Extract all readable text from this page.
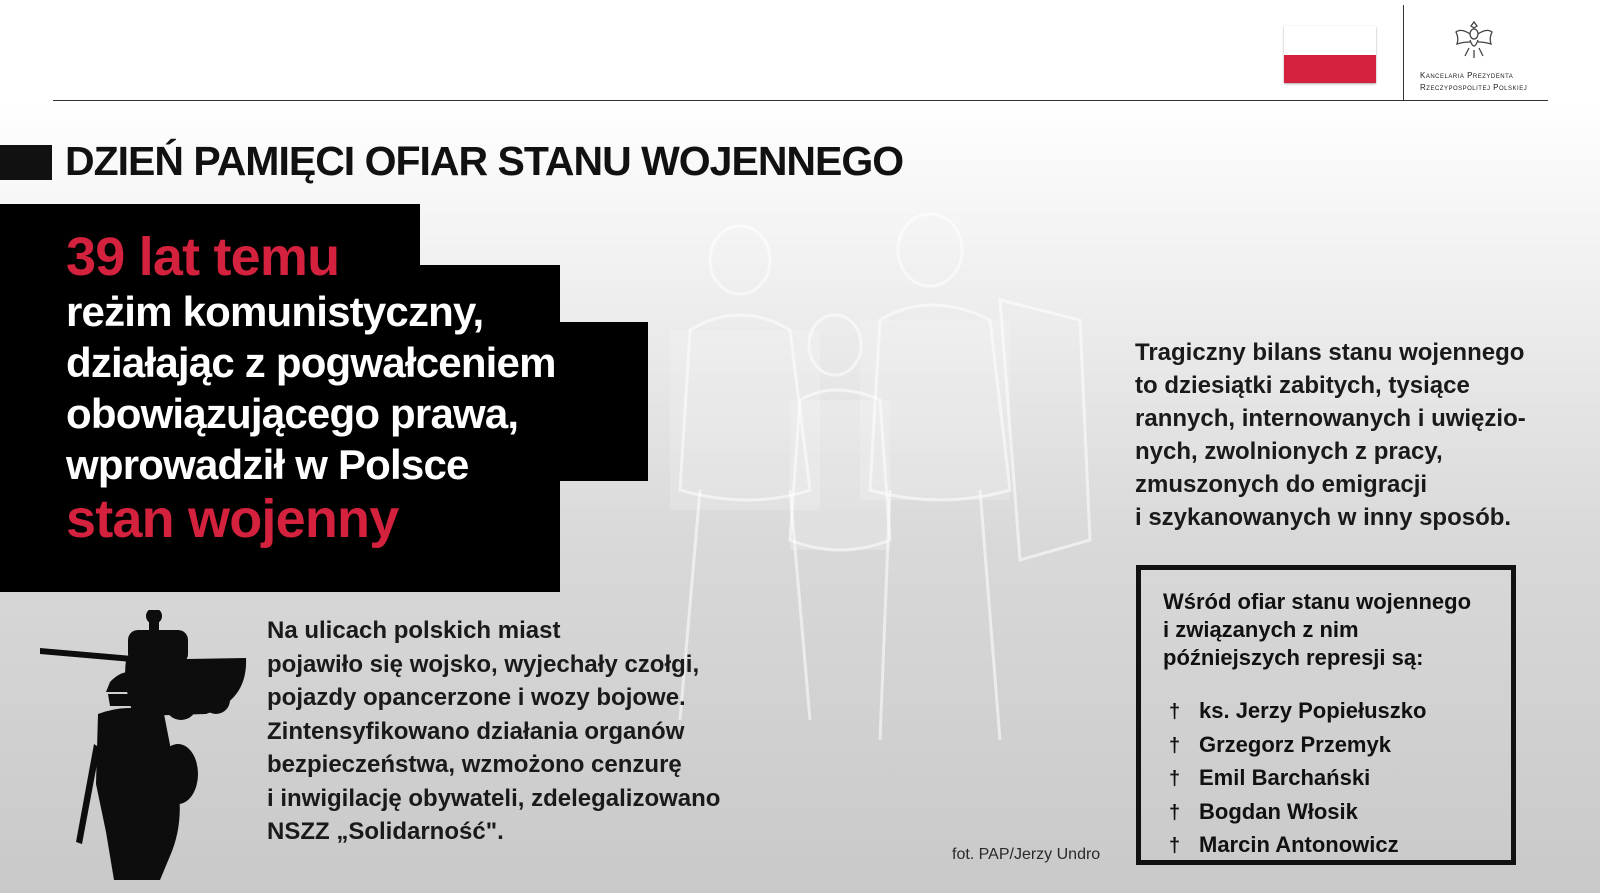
Kancelaria Prezydenta
Rzeczypospolitej Polskiej
DZIEŃ PAMIĘCI OFIAR STANU WOJENNEGO
39 lat temu
reżim komunistyczny,
działając z pogwałceniem
obowiązującego prawa,
wprowadził w Polsce
stan wojenny
Tragiczny bilans stanu wojennego
to dziesiątki zabitych, tysiące
rannych, internowanych i uwięzio-
nych, zwolnionych z pracy,
zmuszonych do emigracji
i szykanowanych w inny sposób.
Na ulicach polskich miast
pojawiło się wojsko, wyjechały czołgi,
pojazdy opancerzone i wozy bojowe.
Zintensyfikowano działania organów
bezpieczeństwa, wzmożono cenzurę
i inwigilację obywateli, zdelegalizowano
NSZZ „Solidarność".
fot. PAP/Jerzy Undro
Wśród ofiar stanu wojennego
i związanych z nim
późniejszych represji są:
† ks. Jerzy Popiełuszko
† Grzegorz Przemyk
† Emil Barchański
† Bogdan Włosik
† Marcin Antonowicz
